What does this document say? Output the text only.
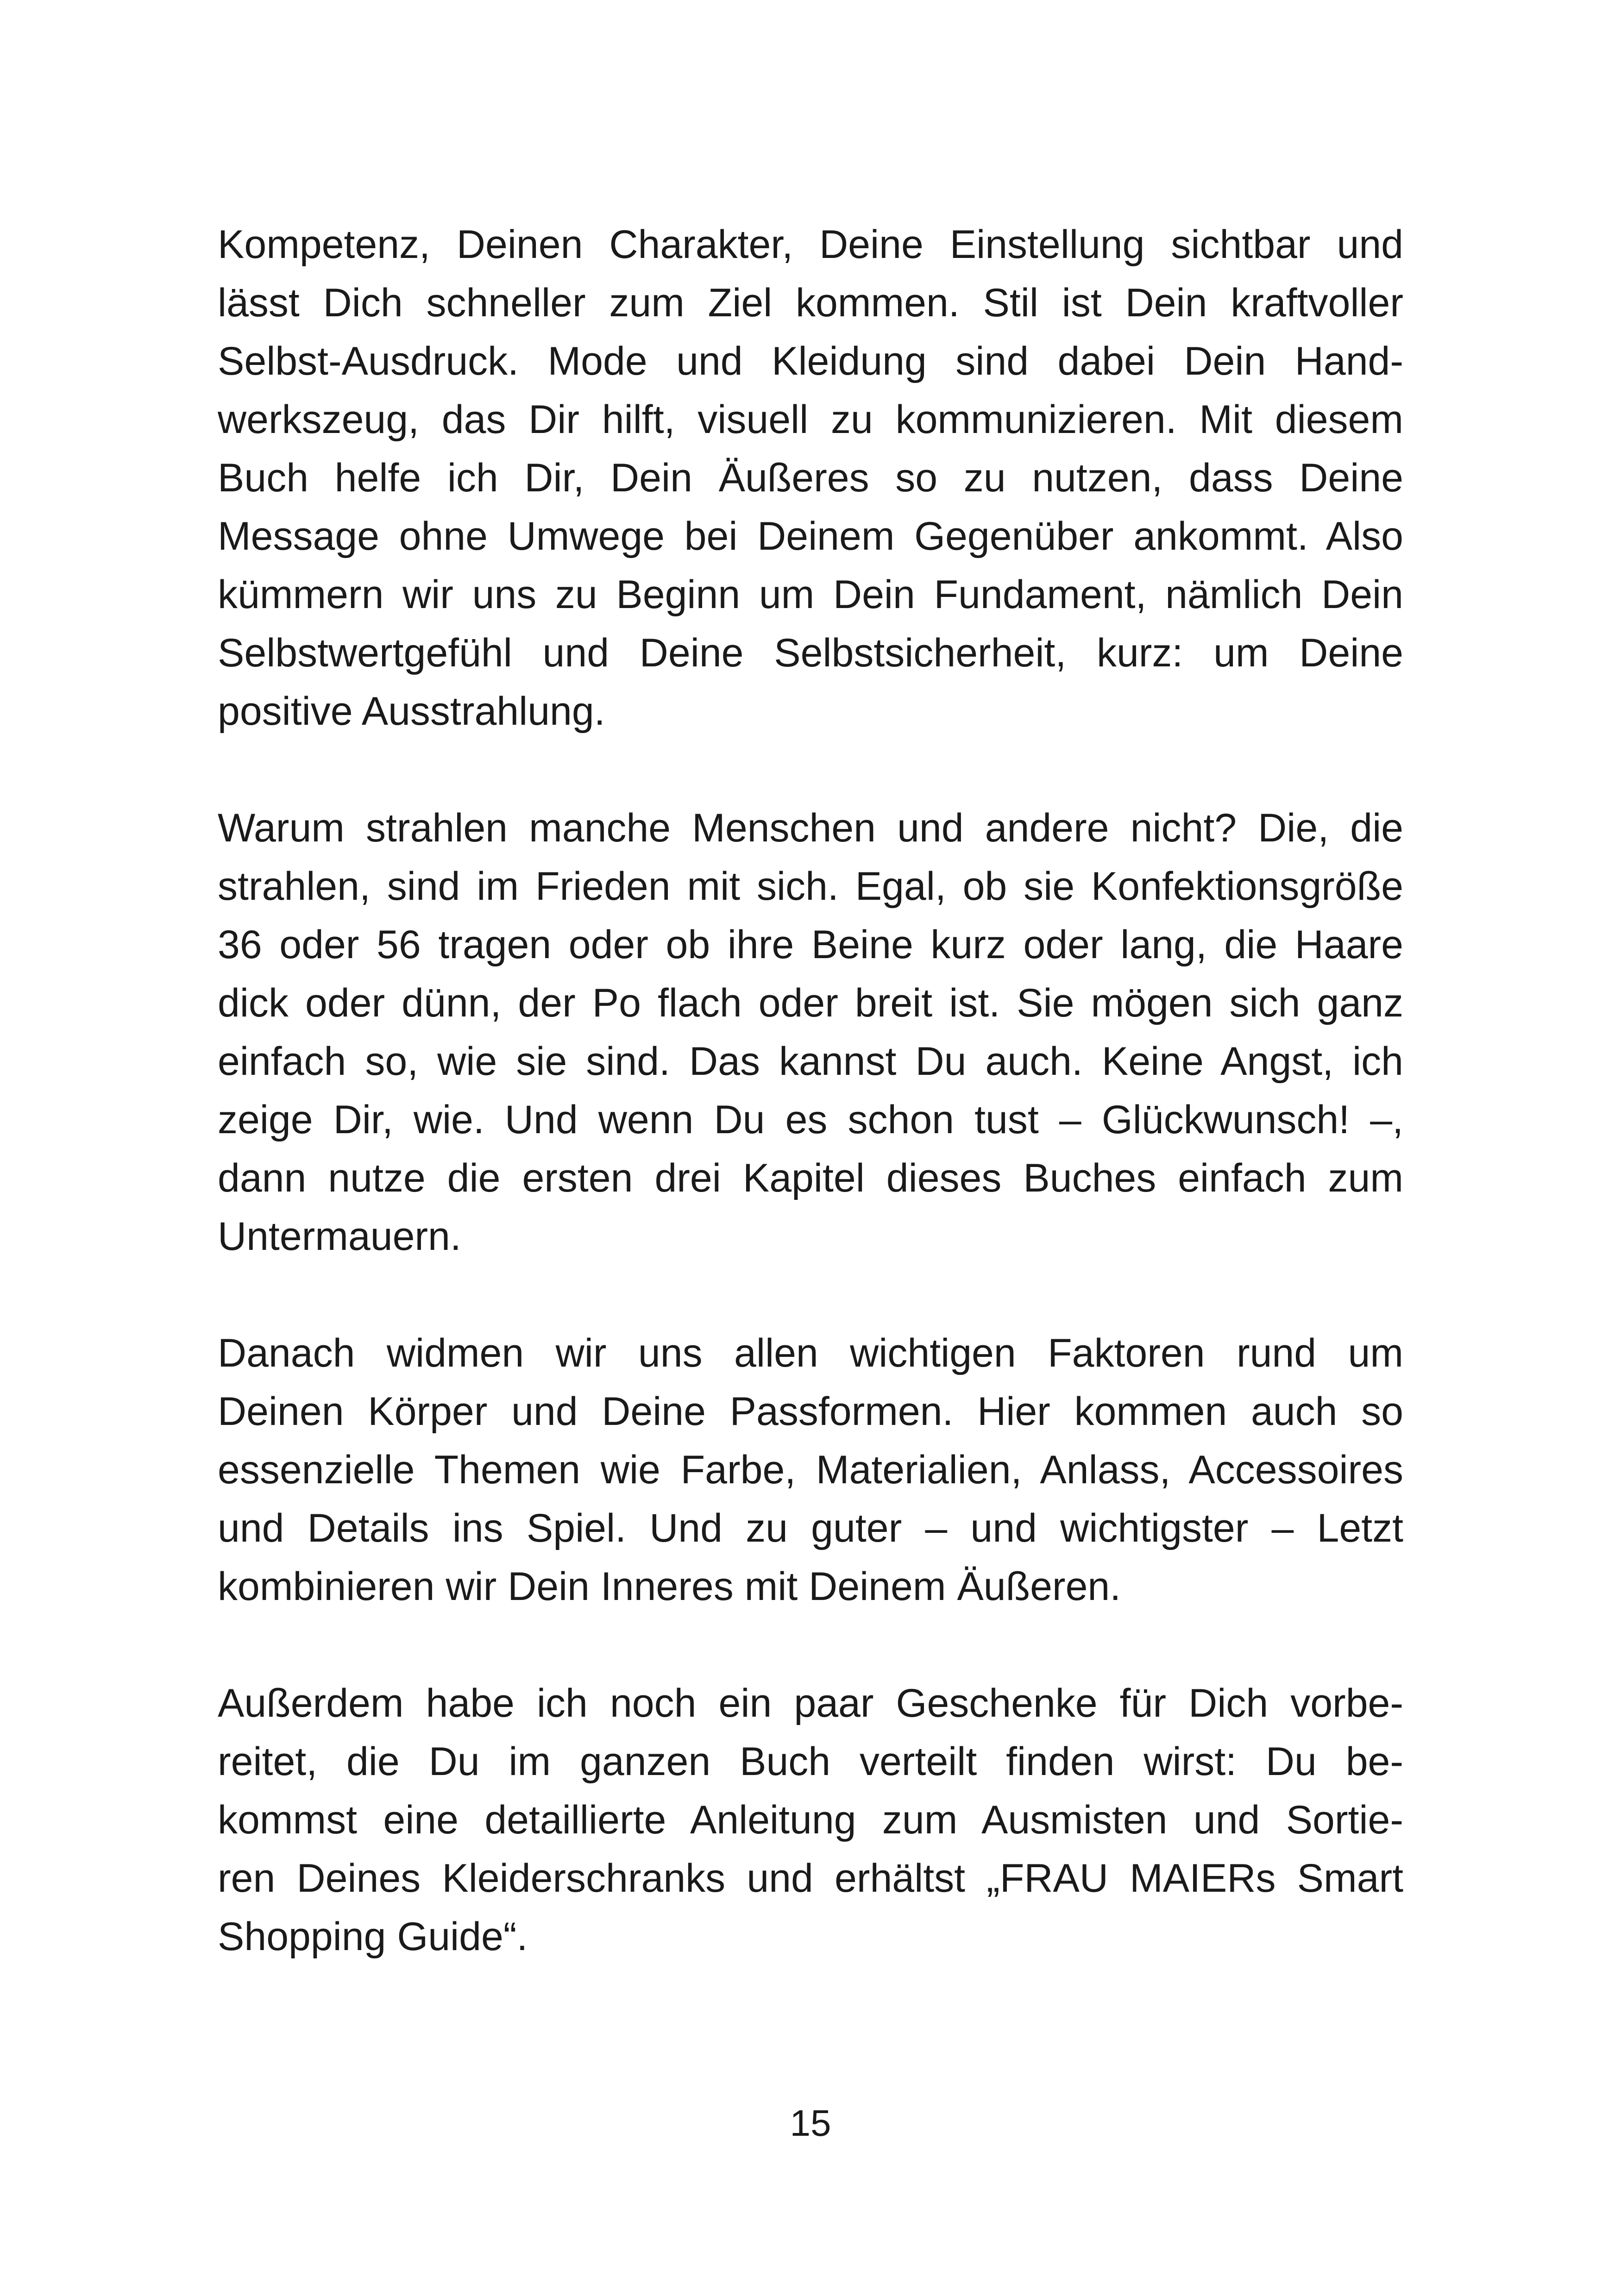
Kompetenz, Deinen Charakter, Deine Einstellung sichtbar und
lässt Dich schneller zum Ziel kommen. Stil ist Dein kraftvoller
Selbst-Ausdruck. Mode und Kleidung sind dabei Dein Hand-
werkszeug, das Dir hilft, visuell zu kommunizieren. Mit diesem
Buch helfe ich Dir, Dein Äußeres so zu nutzen, dass Deine
Message ohne Umwege bei Deinem Gegenüber ankommt. Also
kümmern wir uns zu Beginn um Dein Fundament, nämlich Dein
Selbstwertgefühl und Deine Selbstsicherheit, kurz: um Deine
positive Ausstrahlung.

Warum strahlen manche Menschen und andere nicht? Die, die
strahlen, sind im Frieden mit sich. Egal, ob sie Konfektionsgröße
36 oder 56 tragen oder ob ihre Beine kurz oder lang, die Haare
dick oder dünn, der Po flach oder breit ist. Sie mögen sich ganz
einfach so, wie sie sind. Das kannst Du auch. Keine Angst, ich
zeige Dir, wie. Und wenn Du es schon tust – Glückwunsch! –,
dann nutze die ersten drei Kapitel dieses Buches einfach zum
Untermauern.

Danach widmen wir uns allen wichtigen Faktoren rund um
Deinen Körper und Deine Passformen. Hier kommen auch so
essenzielle Themen wie Farbe, Materialien, Anlass, Accessoires
und Details ins Spiel. Und zu guter – und wichtigster – Letzt
kombinieren wir Dein Inneres mit Deinem Äußeren.

Außerdem habe ich noch ein paar Geschenke für Dich vorbe-
reitet, die Du im ganzen Buch verteilt finden wirst: Du be-
kommst eine detaillierte Anleitung zum Ausmisten und Sortie-
ren Deines Kleiderschranks und erhältst „FRAU MAIERs Smart
Shopping Guide“.

15
